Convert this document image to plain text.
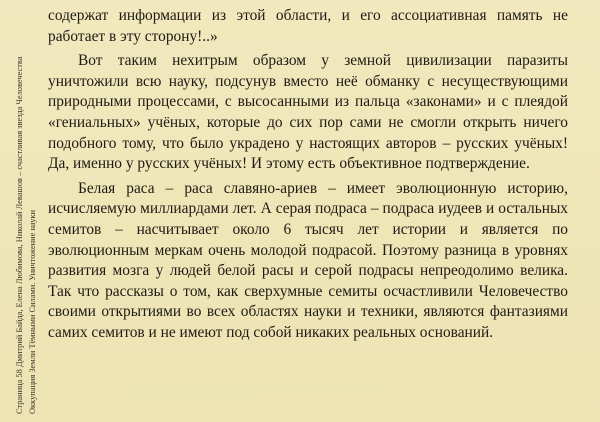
Страница 58 Дмитрий Байда, Елена Любимова, Николай Левашов – счастливая звезда Человечества Оккупация Земли Тёмными Силами. Уничтожение науки

содержат информации из этой области, и его ассоциативная память не работает в эту сторону!..»

Вот таким нехитрым образом у земной цивилизации паразиты уничтожили всю науку, подсунув вместо неё обманку с несуществующими природными процессами, с высосанными из пальца «законами» и с плеядой «гениальных» учёных, которые до сих пор сами не смогли открыть ничего подобного тому, что было украдено у настоящих авторов – русских учёных! Да, именно у русских учёных! И этому есть объективное подтверждение.

Белая раса – раса славяно-ариев – имеет эволюционную историю, исчисляемую миллиардами лет. А серая подраса – подраса иудеев и остальных семитов – насчитывает около 6 тысяч лет истории и является по эволюционным меркам очень молодой подрасой. Поэтому разница в уровнях развития мозга у людей белой расы и серой подрасы непреодолимо велика. Так что рассказы о том, как сверхумные семиты осчастливили Человечество своими открытиями во всех областях науки и техники, являются фантазиями самих семитов и не имеют под собой никаких реальных оснований.
